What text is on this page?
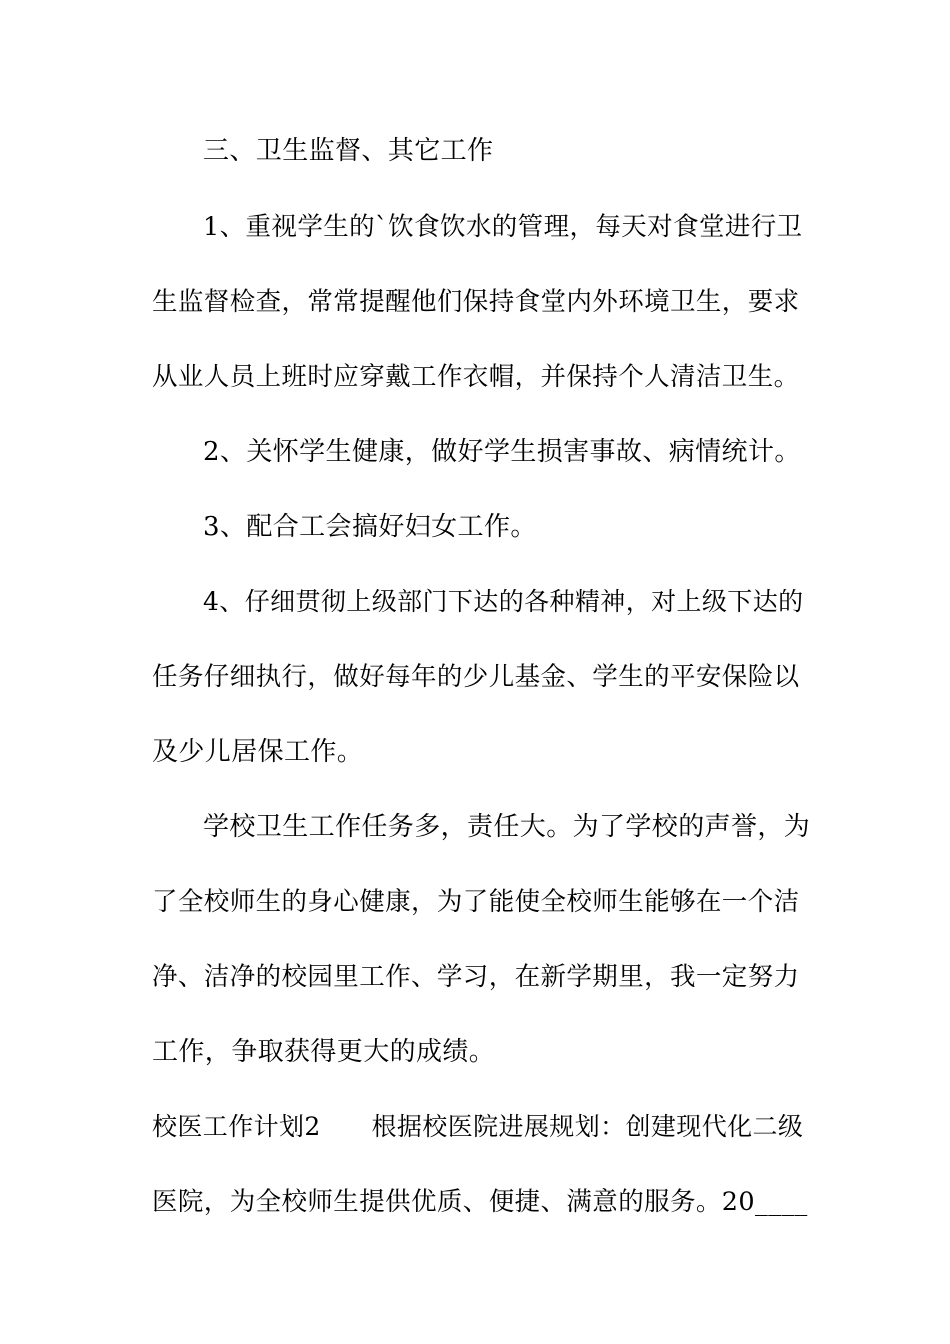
三、卫生监督、其它工作
1、重视学生的`饮食饮水的管理，每天对食堂进行卫
生监督检查，常常提醒他们保持食堂内外环境卫生，要求
从业人员上班时应穿戴工作衣帽，并保持个人清洁卫生。
2、关怀学生健康，做好学生损害事故、病情统计。
3、配合工会搞好妇女工作。
4、仔细贯彻上级部门下达的各种精神，对上级下达的
任务仔细执行，做好每年的少儿基金、学生的平安保险以
及少儿居保工作。
学校卫生工作任务多，责任大。为了学校的声誉，为
了全校师生的身心健康，为了能使全校师生能够在一个洁
净、洁净的校园里工作、学习，在新学期里，我一定努力
工作，争取获得更大的成绩。
校医工作计划2　　根据校医院进展规划：创建现代化二级
医院，为全校师生提供优质、便捷、满意的服务。20____
